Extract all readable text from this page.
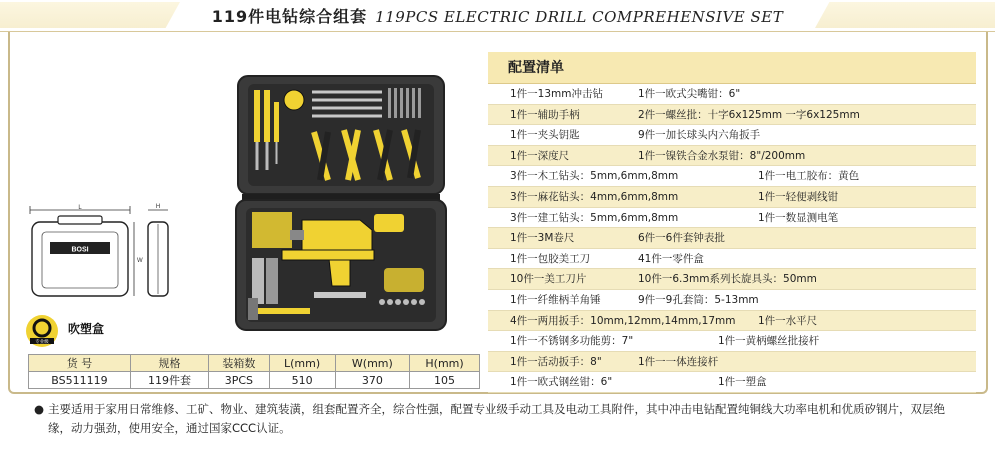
119件电钻综合组套 119PCS ELECTRIC DRILL COMPREHENSIVE SET
BOSI
L
W
H
专业级
吹塑盒
货 号	规格	装箱数	L(mm)	W(mm)	H(mm)
BS511119	119件套	3PCS	510	370	105
配置清单
1件一13mm冲击钻	1件一欧式尖嘴钳：6"
1件一辅助手柄	2件一螺丝批：十字6x125mm 一字6x125mm
1件一夹头钥匙	9件一加长球头内六角扳手
1件一深度尺	1件一镍铁合金水泵钳：8"/200mm
3件一木工钻头：5mm,6mm,8mm	1件一电工胶布：黄色
3件一麻花钻头：4mm,6mm,8mm	1件一轻便剥线钳
3件一建工钻头：5mm,6mm,8mm	1件一数显测电笔
1件一3M卷尺	6件一6件套钟表批
1件一包胶美工刀	41件一零件盒
10件一美工刀片	10件一6.3mm系列长旋具头：50mm
1件一纤维柄羊角锤	9件一9孔套筒：5-13mm
4件一两用扳手：10mm,12mm,14mm,17mm 1件一水平尺
1件一不锈钢多功能剪：7"	1件一黄柄螺丝批接杆
1件一活动扳手：8"	1件一一体连接杆
1件一欧式钢丝钳：6"	1件一塑盒
● 主要适用于家用日常维修、工矿、物业、建筑装潢，组套配置齐全，综合性强，配置专业级手动工具及电动工具附件，其中冲击电钻配置纯铜线大功率电机和优质矽钢片，双层绝缘，动力强劲，使用安全，通过国家CCC认证。
